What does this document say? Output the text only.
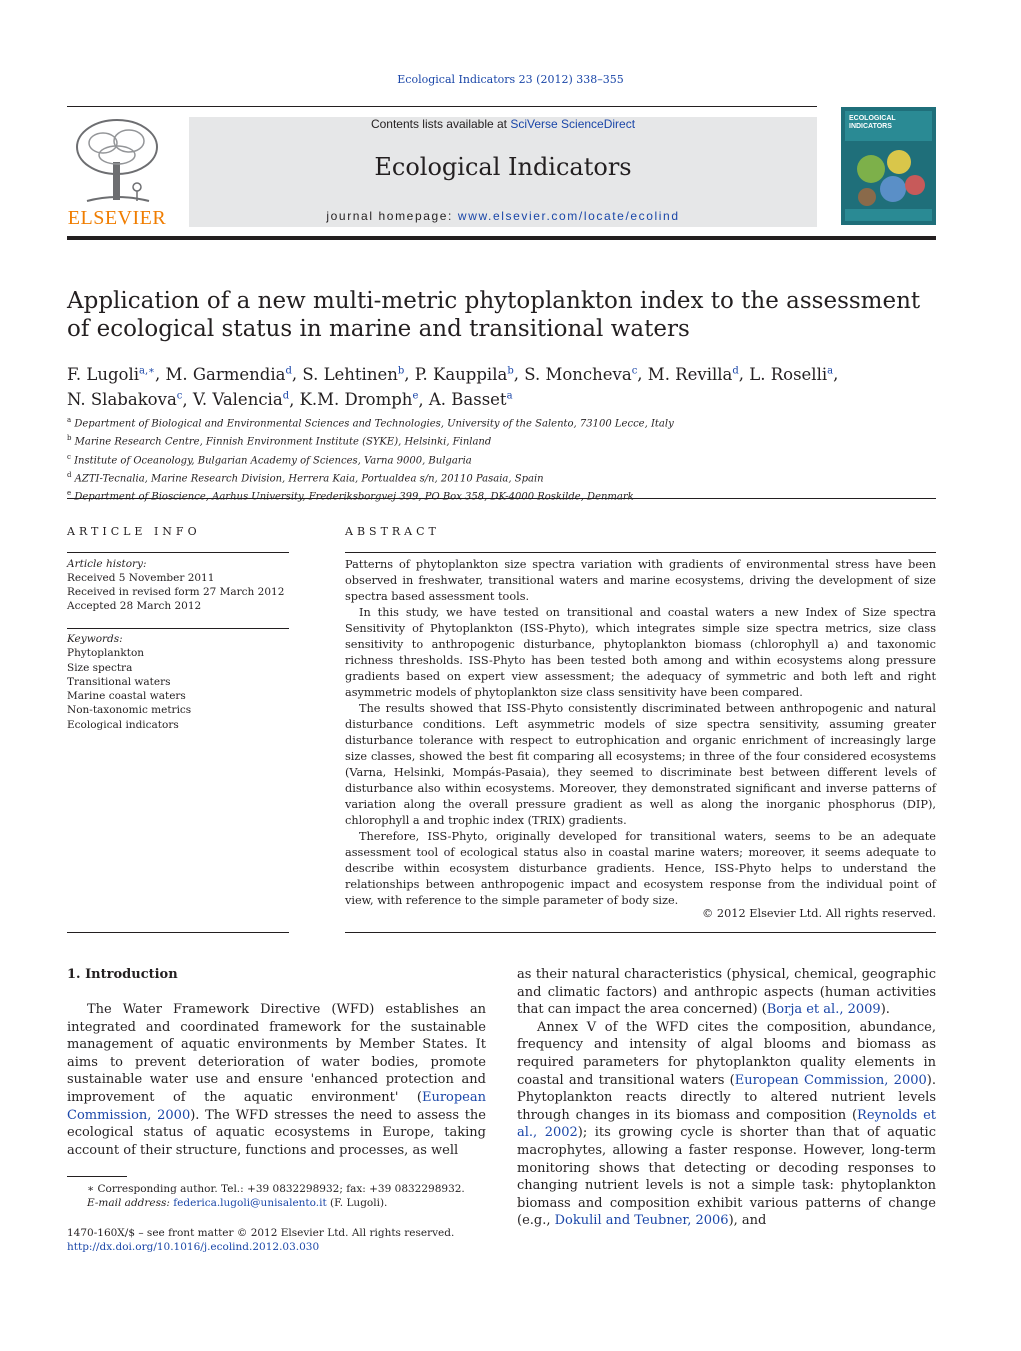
Ecological Indicators 23 (2012) 338–355
ELSEVIER
Contents lists available at SciVerse ScienceDirect
Ecological Indicators
journal homepage: www.elsevier.com/locate/ecolind
ECOLOGICAL INDICATORS
Application of a new multi-metric phytoplankton index to the assessment of ecological status in marine and transitional waters
F. Lugoli$^{a,∗}$, M. Garmendia$^d$, S. Lehtinen$^b$, P. Kauppila$^b$, S. Moncheva$^c$, M. Revilla$^d$, L. Roselli$^a$,
N. Slabakova$^c$, V. Valencia$^d$, K.M. Dromph$^e$, A. Basset$^a$
$^a$ Department of Biological and Environmental Sciences and Technologies, University of the Salento, 73100 Lecce, Italy
$^b$ Marine Research Centre, Finnish Environment Institute (SYKE), Helsinki, Finland
$^c$ Institute of Oceanology, Bulgarian Academy of Sciences, Varna 9000, Bulgaria
$^d$ AZTI-Tecnalia, Marine Research Division, Herrera Kaia, Portualdea s/n, 20110 Pasaia, Spain
$^e$
ARTICLE INFO
Article history:
Received 5 November 2011
Received in revised form 27 March 2012
Accepted 28 March 2012
Keywords:
Phytoplankton
Size spectra
Transitional waters
Marine coastal waters
Non-taxonomic metrics
Ecological indicators
ABSTRACT

Patterns of phytoplankton size spectra variation with gradients of environmental stress have been observed in freshwater, transitional waters and marine ecosystems, driving the development of size spectra based assessment tools.

In this study, we have tested on transitional and coastal waters a new Index of Size spectra Sensitivity of Phytoplankton (ISS-Phyto), which integrates simple size spectra metrics, size class sensitivity to anthropogenic disturbance, phytoplankton biomass (chlorophyll a) and taxonomic richness thresholds. ISS-Phyto has been tested both among and within ecosystems along pressure gradients based on expert view assessment; the adequacy of symmetric and both left and right asymmetric models of phytoplankton size class sensitivity have been compared.

The results showed that ISS-Phyto consistently discriminated between anthropogenic and natural disturbance conditions. Left asymmetric models of size spectra sensitivity, assuming greater disturbance tolerance with respect to eutrophication and organic enrichment of increasingly large size classes, showed the best fit comparing all ecosystems; in three of the four considered ecosystems (Varna, Helsinki, Mompás-Pasaia), they seemed to discriminate best between different levels of disturbance also within ecosystems. Moreover, they demonstrated significant and inverse patterns of variation along the overall pressure gradient as well as along the inorganic phosphorus (DIP), chlorophyll a and trophic index (TRIX) gradients.

Therefore, ISS-Phyto, originally developed for transitional waters, seems to be an adequate assessment tool of ecological status also in coastal marine waters; moreover, it seems adequate to describe within ecosystem disturbance gradients. Hence, ISS-Phyto helps to understand the relationships between anthropogenic impact and ecosystem response from the individual point of view, with reference to the simple parameter of body size.

© 2012 Elsevier Ltd. All rights reserved.
1. Introduction

The Water Framework Directive (WFD) establishes an integrated and coordinated framework for the sustainable management of aquatic environments by Member States. It aims to prevent deterioration of water bodies, promote sustainable water use and ensure 'enhanced protection and improvement of the aquatic environment' (European Commission, 2000). The WFD stresses the need to assess the ecological status of aquatic ecosystems in Europe, taking account of their structure, functions and processes, as well

as their natural characteristics (physical, chemical, geographic and climatic factors) and anthropic aspects (human activities that can impact the area concerned) (Borja et al., 2009).

Annex V of the WFD cites the composition, abundance, frequency and intensity of algal blooms and biomass as required parameters for phytoplankton quality elements in coastal and transitional waters (European Commission, 2000). Phytoplankton reacts directly to altered nutrient levels through changes in its biomass and composition (Reynolds et al., 2002); its growing cycle is shorter than that of aquatic macrophytes, allowing a faster response. However, long-term monitoring shows that detecting or decoding responses to changing nutrient levels is not a simple task: phytoplankton biomass and composition exhibit various patterns of change (e.g., Dokulil and Teubner, 2006), and

∗ Corresponding author. Tel.: +39 0832298932; fax: +39 0832298932.
E-mail address: federica.lugoli@unisalento.it (F. Lugoli).
1470-160X/$ – see front matter © 2012 Elsevier Ltd. All rights reserved.
http://dx.doi.org/10.1016/j.ecolind.2012.03.030
